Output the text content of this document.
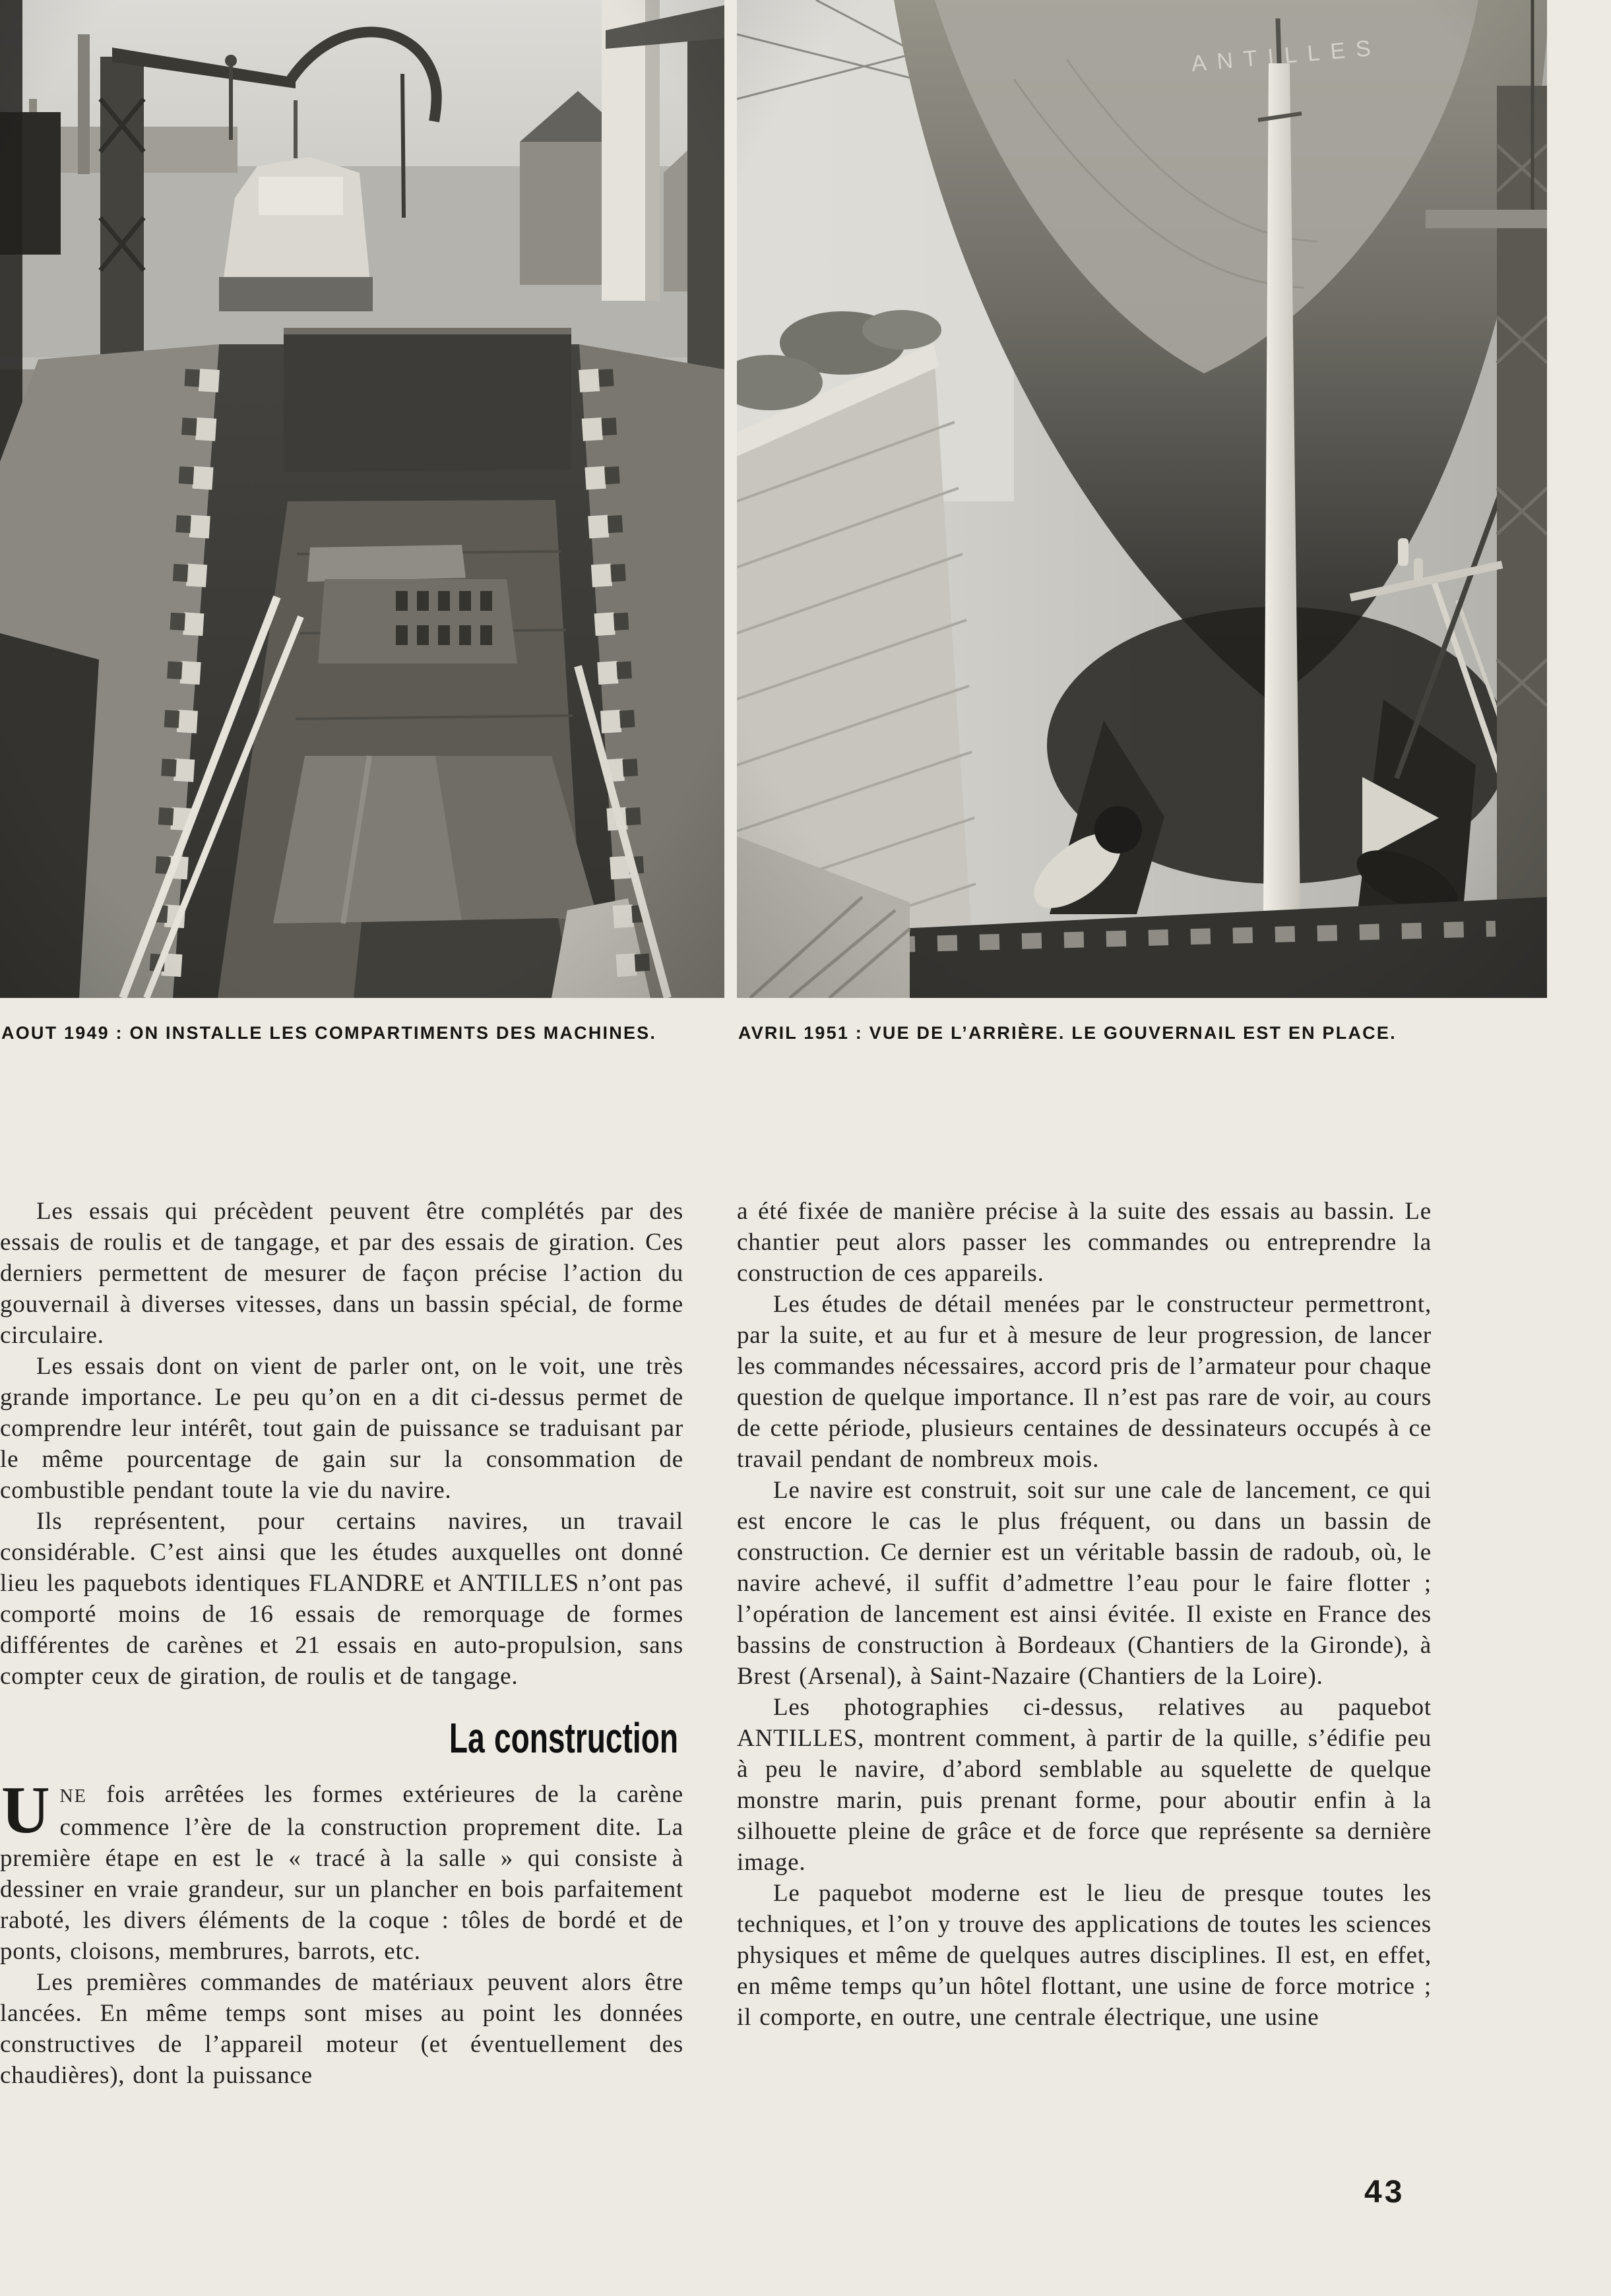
AOUT 1949 : ON INSTALLE LES COMPARTIMENTS DES MACHINES.	AVRIL 1951 : VUE DE L’ARRIÈRE. LE GOUVERNAIL EST EN PLACE.

Les essais qui précèdent peuvent être complétés par des essais de roulis et de tangage, et par des essais de giration. Ces derniers permettent de mesurer de façon précise l’action du gouvernail à diverses vitesses, dans un bassin spécial, de forme circulaire.

Les essais dont on vient de parler ont, on le voit, une très grande importance. Le peu qu’on en a dit ci-dessus permet de comprendre leur intérêt, tout gain de puissance se traduisant par le même pourcentage de gain sur la consommation de combustible pendant toute la vie du navire.

Ils représentent, pour certains navires, un travail considérable. C’est ainsi que les études auxquelles ont donné lieu les paquebots identiques FLANDRE et ANTILLES n’ont pas comporté moins de 16 essais de remorquage de formes différentes de carènes et 21 essais en auto-propulsion, sans compter ceux de giration, de roulis et de tangage.

La construction

UNE fois arrêtées les formes extérieures de la carène commence l’ère de la construction proprement dite. La première étape en est le « tracé à la salle » qui consiste à dessiner en vraie grandeur, sur un plancher en bois parfaitement raboté, les divers éléments de la coque : tôles de bordé et de ponts, cloisons, membrures, barrots, etc.

Les premières commandes de matériaux peuvent alors être lancées. En même temps sont mises au point les données constructives de l’appareil moteur (et éventuellement des chaudières), dont la puissance

a été fixée de manière précise à la suite des essais au bassin. Le chantier peut alors passer les commandes ou entreprendre la construction de ces appareils.

Les études de détail menées par le constructeur permettront, par la suite, et au fur et à mesure de leur progression, de lancer les commandes nécessaires, accord pris de l’armateur pour chaque question de quelque importance. Il n’est pas rare de voir, au cours de cette période, plusieurs centaines de dessinateurs occupés à ce travail pendant de nombreux mois.

Le navire est construit, soit sur une cale de lancement, ce qui est encore le cas le plus fréquent, ou dans un bassin de construction. Ce dernier est un véritable bassin de radoub, où, le navire achevé, il suffit d’admettre l’eau pour le faire flotter ; l’opération de lancement est ainsi évitée. Il existe en France des bassins de construction à Bordeaux (Chantiers de la Gironde), à Brest (Arsenal), à Saint-Nazaire (Chantiers de la Loire).

Les photographies ci-dessus, relatives au paquebot ANTILLES, montrent comment, à partir de la quille, s’édifie peu à peu le navire, d’abord semblable au squelette de quelque monstre marin, puis prenant forme, pour aboutir enfin à la silhouette pleine de grâce et de force que représente sa dernière image.

Le paquebot moderne est le lieu de presque toutes les techniques, et l’on y trouve des applications de toutes les sciences physiques et même de quelques autres disciplines. Il est, en effet, en même temps qu’un hôtel flottant, une usine de force motrice ; il comporte, en outre, une centrale électrique, une usine

43
